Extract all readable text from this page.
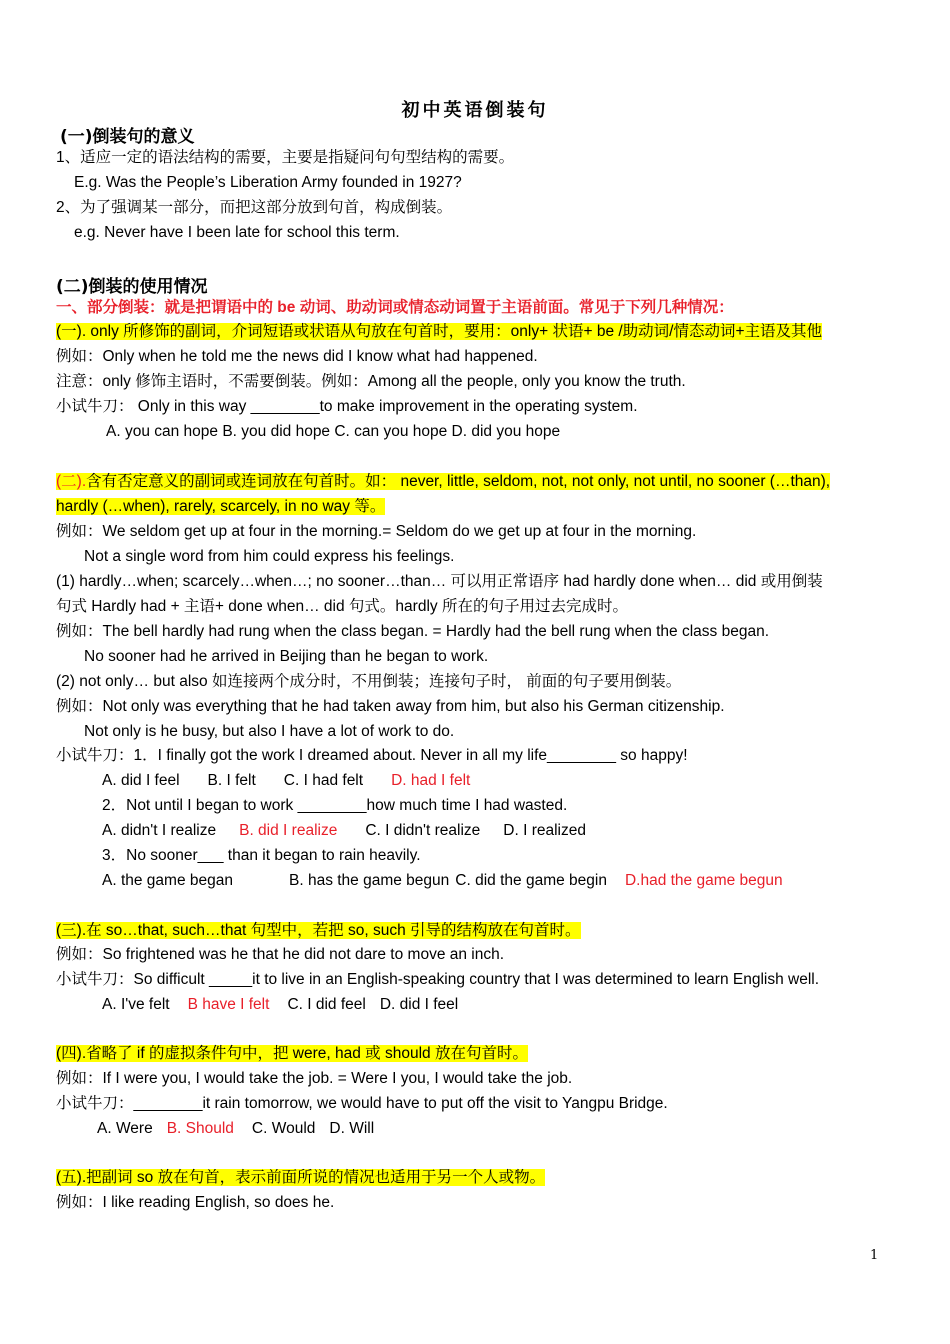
初中英语倒装句
(一)倒装句的意义
1、适应一定的语法结构的需要，主要是指疑问句句型结构的需要。
E.g. Was the People’s Liberation Army founded in 1927?
2、为了强调某一部分，而把这部分放到句首，构成倒装。
e.g. Never have I been late for school this term.
(二)倒装的使用情况
一、部分倒装：就是把谓语中的 be 动词、助动词或情态动词置于主语前面。常见于下列几种情况：
(一). only 所修饰的副词，介词短语或状语从句放在句首时，要用：only+ 状语+ be /助动词/情态动词+主语及其他
例如：Only when he told me the news did I know what had happened.
注意：only 修饰主语时，不需要倒装。例如：Among all the people, only you know the truth.
小试牛刀： Only in this way ________to make improvement in the operating system.
A. you can hope B. you did hope C. can you hope D. did you hope
(二).含有否定意义的副词或连词放在句首时。如： never, little, seldom, not, not only, not until, no sooner (…than),
hardly (…when), rarely, scarcely, in no way 等。
例如：We seldom get up at four in the morning.= Seldom do we get up at four in the morning.
Not a single word from him could express his feelings.
(1) hardly…when; scarcely…when…; no sooner…than… 可以用正常语序 had hardly done when… did 或用倒装
句式 Hardly had + 主语+ done when… did 句式。hardly 所在的句子用过去完成时。
例如：The bell hardly had rung when the class began. = Hardly had the bell rung when the class began.
No sooner had he arrived in Beijing than he began to work.
(2) not only… but also 如连接两个成分时，不用倒装；连接句子时， 前面的句子要用倒装。
例如：Not only was everything that he had taken away from him, but also his German citizenship.
Not only is he busy, but also I have a lot of work to do.
小试牛刀：1．I finally got the work I dreamed about. Never in all my life________ so happy!
A. did I feel B. I felt C. I had felt D. had I felt
2．Not until I began to work ________how much time I had wasted.
A. didn't I realize B. did I realize C. I didn't realize D. I realized
3．No sooner___ than it began to rain heavily.
A. the game began	B. has the game begun C. did the game begin D.had the game begun
(三).在 so…that, such…that 句型中，若把 so, such 引导的结构放在句首时。
例如：So frightened was he that he did not dare to move an inch.
小试牛刀：So difficult _____it to live in an English-speaking country that I was determined to learn English well.
A. I've felt B have I felt C. I did feel D. did I feel
(四).省略了 if 的虚拟条件句中，把 were, had 或 should 放在句首时。
例如：If I were you, I would take the job. = Were I you, I would take the job.
小试牛刀：________it rain tomorrow, we would have to put off the visit to Yangpu Bridge.
A. Were B. Should C. Would D. Will
(五).把副词 so 放在句首，表示前面所说的情况也适用于另一个人或物。
例如：I like reading English, so does he.
1
